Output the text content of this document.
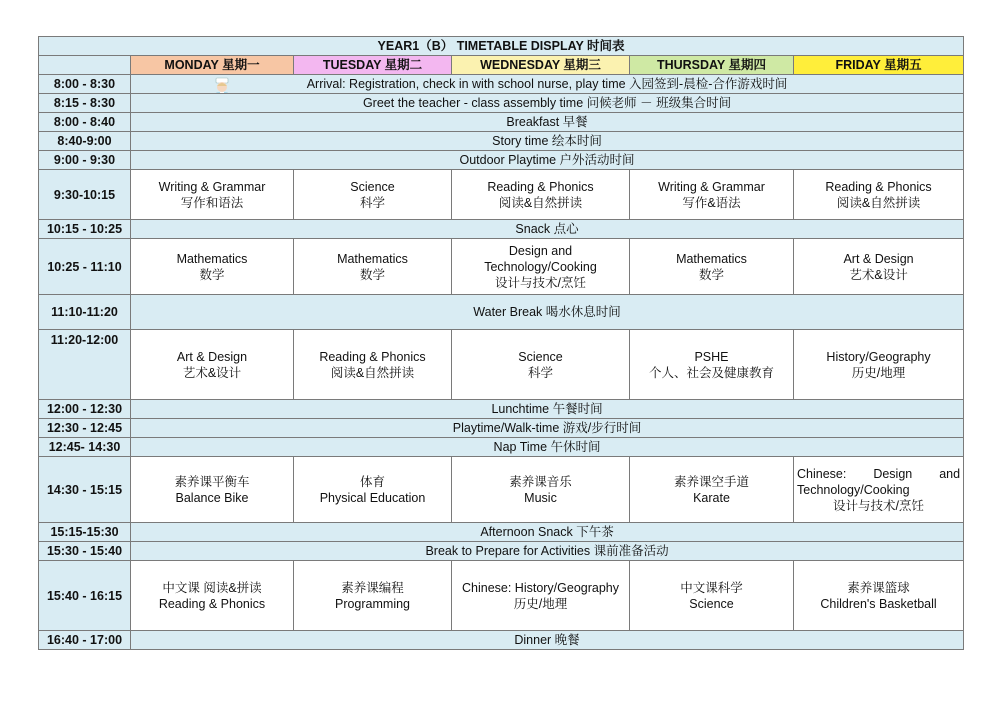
YEAR1（B） TIMETABLE DISPLAY 时间表					
	MONDAY 星期一	TUESDAY 星期二	WEDNESDAY 星期三	THURSDAY 星期四	FRIDAY 星期五
8:00 - 8:30	Arrival: Registration, check in with school nurse, play time 入园签到-晨检-合作游戏时间				
8:15 - 8:30	Greet the teacher - class assembly time 问候老师 － 班级集合时间				
8:00 - 8:40	Breakfast 早餐				
8:40-9:00	Story time 绘本时间				
9:00 - 9:30	Outdoor Playtime 户外活动时间				
9:30-10:15	Writing & Grammar
写作和语法	Science
科学	Reading & Phonics
阅读&自然拼读	Writing & Grammar
写作&语法	Reading & Phonics
阅读&自然拼读

10:15 - 10:25	Snack 点心				
10:25 - 11:10	Mathematics
数学	Mathematics
数学	Design and
Technology/Cooking
设计与技术/烹饪	Mathematics
数学	Art & Design
艺术&设计

11:10-11:20	Water Break 喝水休息时间				
11:20-12:00	Art & Design
艺术&设计	Reading & Phonics
阅读&自然拼读	Science
科学	PSHE
个人、社会及健康教育	History/Geography
历史/地理

12:00 - 12:30	Lunchtime 午餐时间				
12:30 - 12:45	Playtime/Walk-time 游戏/步行时间				
12:45- 14:30	Nap Time 午休时间				
14:30 - 15:15	素养课平衡车
Balance Bike	体育
Physical Education	素养课音乐
Music	素养课空手道
Karate	Chinese: Design and
Technology/Cooking
设计与技术/烹饪

15:15-15:30	Afternoon Snack 下午茶				
15:30 - 15:40	Break to Prepare for Activities 课前准备活动				
15:40 - 16:15	中文课 阅读&拼读
Reading & Phonics	素养课编程
Programming	Chinese: History/Geography
历史/地理	中文课科学
Science	素养课篮球
Children's Basketball

16:40 - 17:00	Dinner 晚餐				
